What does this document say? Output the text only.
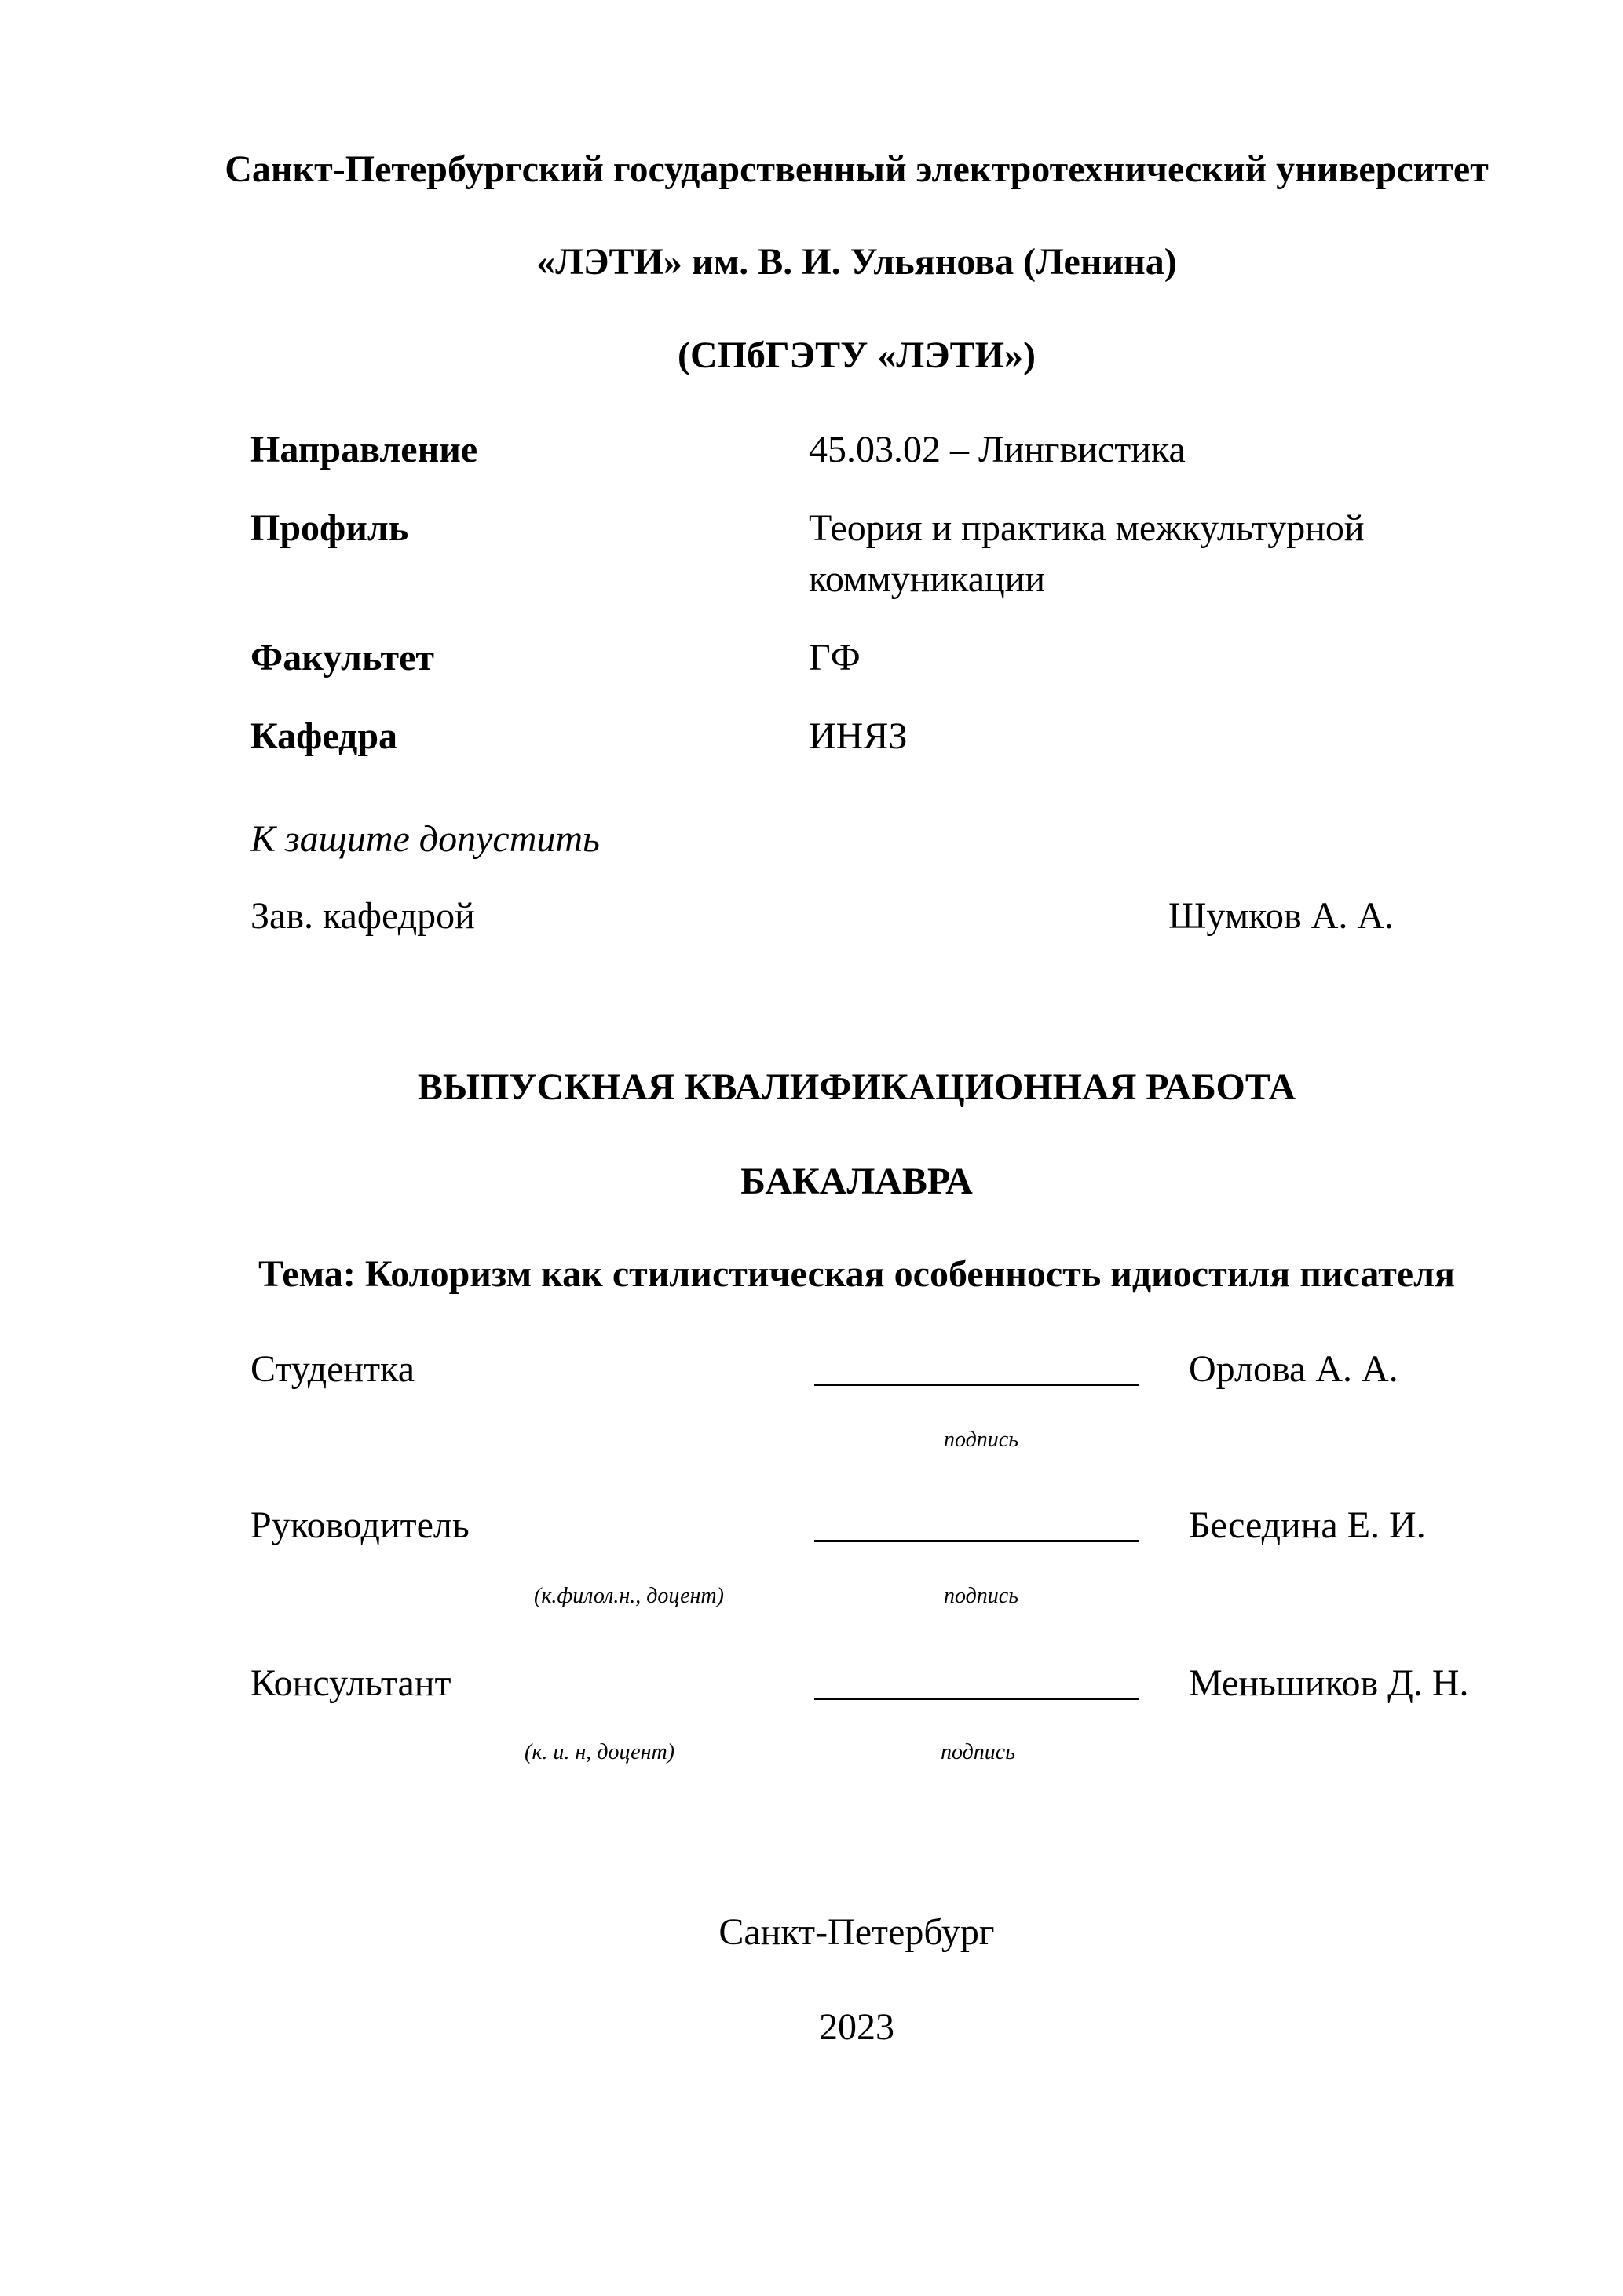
Санкт-Петербургский государственный электротехнический университет
«ЛЭТИ» им. В. И. Ульянова (Ленина)
(СПбГЭТУ «ЛЭТИ»)
Направление	45.03.02 – Лингвистика
Профиль	Теория и практика межкультурной
коммуникации
Факультет	ГФ
Кафедра	ИНЯЗ
К защите допустить
Зав. кафедрой	Шумков А. А.
ВЫПУСКНАЯ КВАЛИФИКАЦИОННАЯ РАБОТА
БАКАЛАВРА
Тема: Колоризм как стилистическая особенность идиостиля писателя
Студентка	Орлова А. А.
подпись
Руководитель	Беседина Е. И.
(к.филол.н., доцент)	подпись
Консультант	Меньшиков Д. Н.
(к. и. н, доцент)	подпись
Санкт-Петербург
2023
